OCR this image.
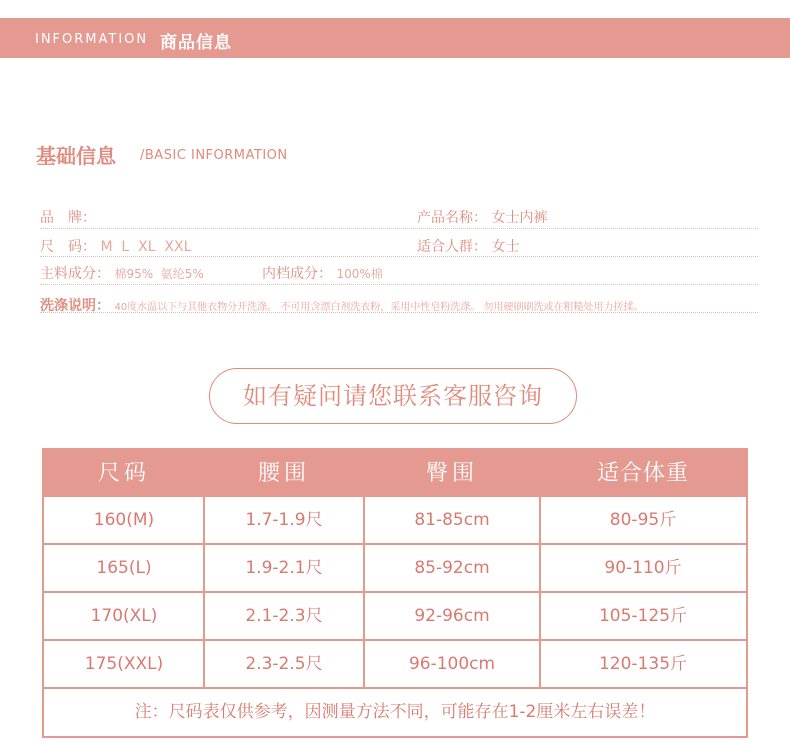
INFORMATION 商品信息
基础信息 /BASIC INFORMATION
品　牌：	产品名称： 女士内裤
尺　码： M  L  XL  XXL	适合人群： 女士
主料成分： 棉95%  氨纶5%	内档成分： 100%棉
洗涤说明： 40度水温以下与其他衣物分开洗涤。 不可用含漂白剂洗衣粉，采用中性皂粉洗涤。 勿用硬刷刷洗或在粗糙处用力搓揉。
如有疑问请您联系客服咨询
尺码	腰围	臀围	适合体重
160(M)	1.7-1.9尺	81-85cm	80-95斤
165(L)	1.9-2.1尺	85-92cm	90-110斤
170(XL)	2.1-2.3尺	92-96cm	105-125斤
175(XXL)	2.3-2.5尺	96-100cm	120-135斤
注：尺码表仅供参考，因测量方法不同，可能存在1-2厘米左右误差！
